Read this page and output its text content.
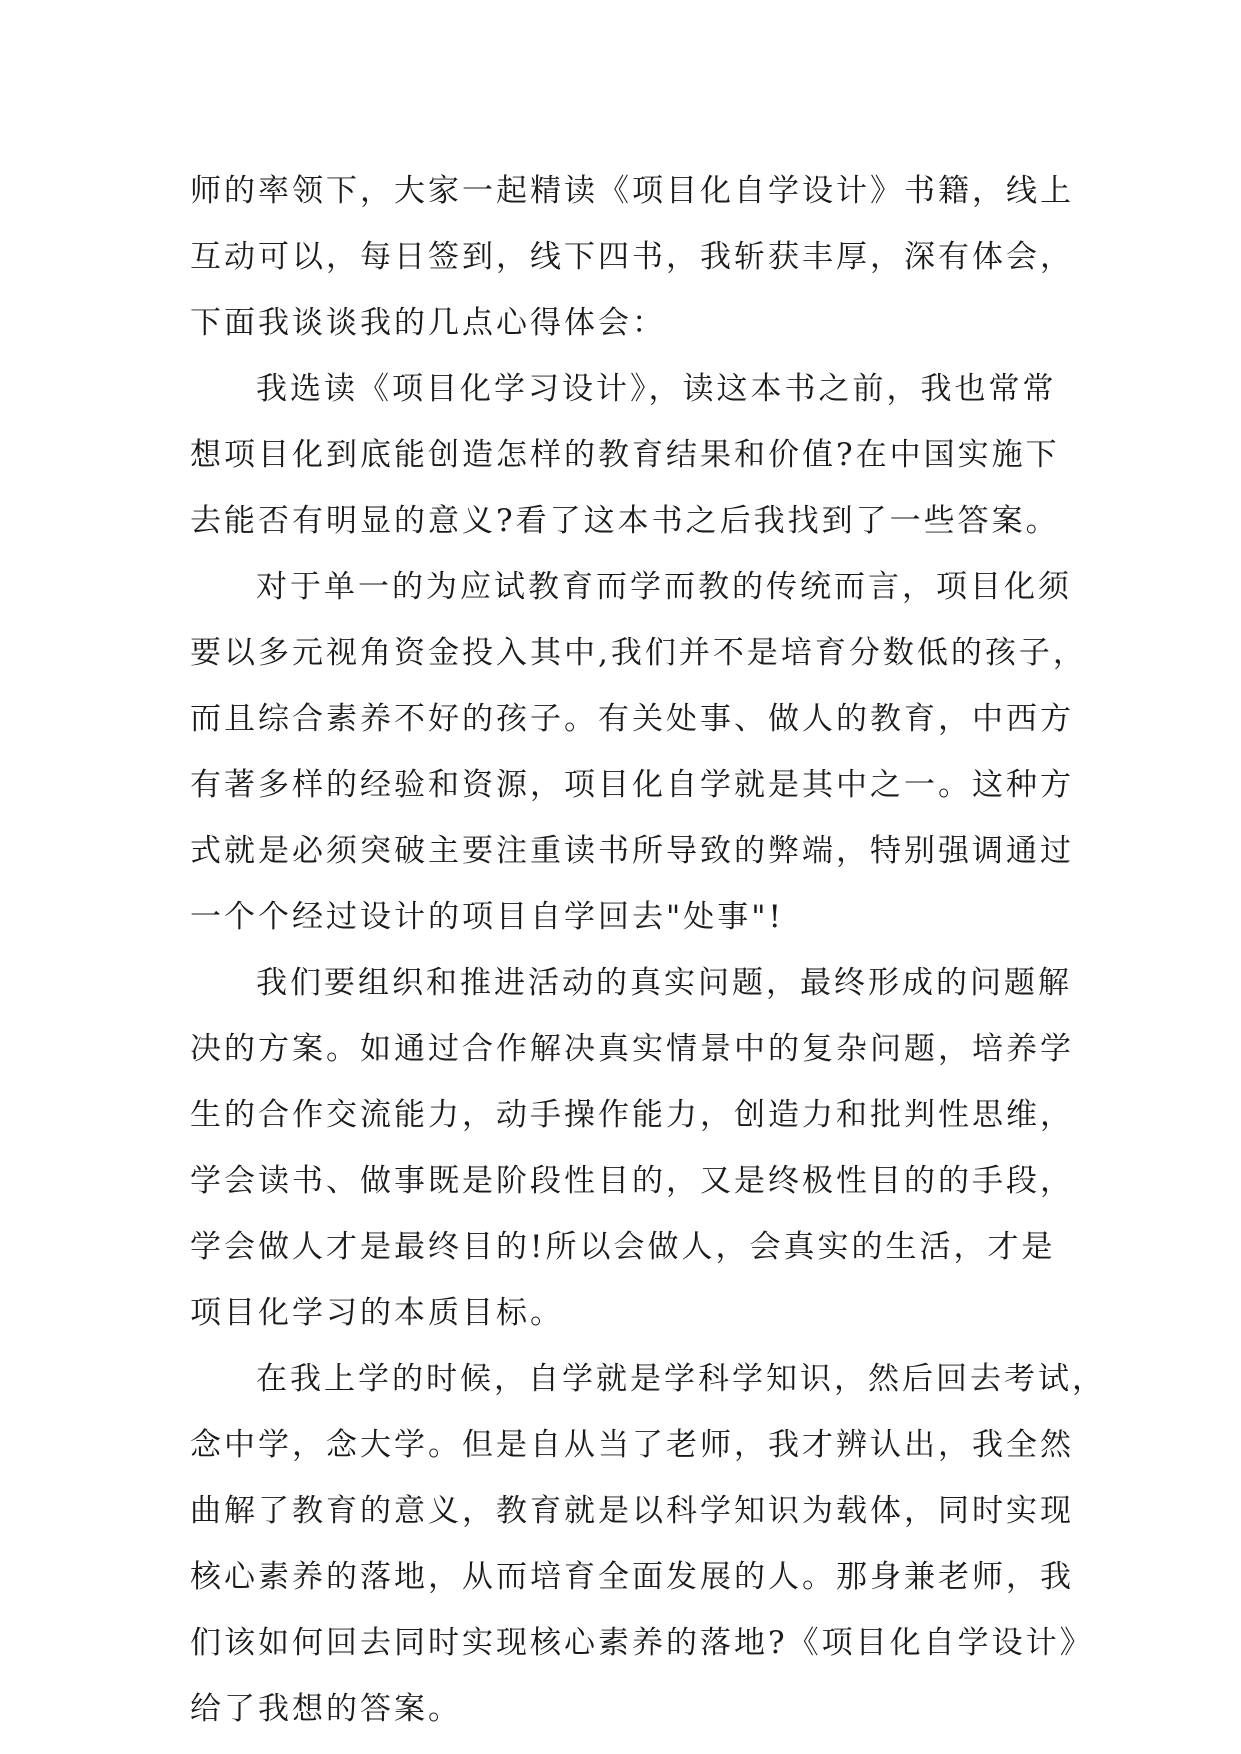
师的率领下，大家一起精读《项目化自学设计》书籍，线上
互动可以，每日签到，线下四书，我斩获丰厚，深有体会，
下面我谈谈我的几点心得体会：
我选读《项目化学习设计》，读这本书之前，我也常常
想项目化到底能创造怎样的教育结果和价值?在中国实施下
去能否有明显的意义?看了这本书之后我找到了一些答案。
对于单一的为应试教育而学而教的传统而言，项目化须
要以多元视角资金投入其中,我们并不是培育分数低的孩子，
而且综合素养不好的孩子。有关处事、做人的教育，中西方
有著多样的经验和资源，项目化自学就是其中之一。这种方
式就是必须突破主要注重读书所导致的弊端，特别强调通过
一个个经过设计的项目自学回去"处事"!
我们要组织和推进活动的真实问题，最终形成的问题解
决的方案。如通过合作解决真实情景中的复杂问题，培养学
生的合作交流能力，动手操作能力，创造力和批判性思维，
学会读书、做事既是阶段性目的，又是终极性目的的手段，
学会做人才是最终目的!所以会做人，会真实的生活，才是
项目化学习的本质目标。
在我上学的时候，自学就是学科学知识，然后回去考试，
念中学，念大学。但是自从当了老师，我才辨认出，我全然
曲解了教育的意义，教育就是以科学知识为载体，同时实现
核心素养的落地，从而培育全面发展的人。那身兼老师，我
们该如何回去同时实现核心素养的落地?《项目化自学设计》
给了我想的答案。
